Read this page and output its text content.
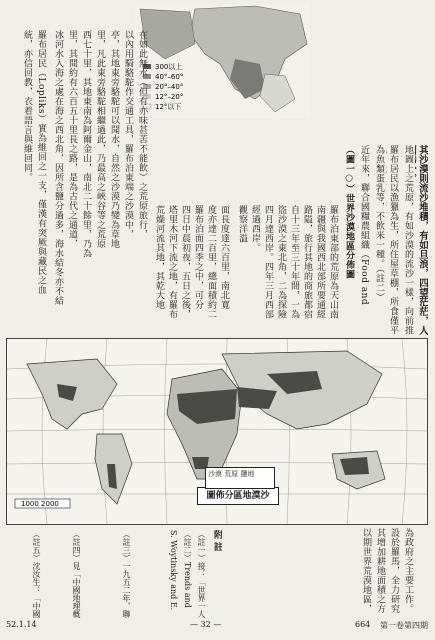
300以上
40°–60°
20°–40°
12°–20°
12°以下
其沙漠則流沙堆積，有如旦浪，四望茫茫，人
地圖上之荒原，有如沙漠的流沙一樣，向前推
羅布居民以漁獵為生，所住屋草棚，所食僅平
為魚類蛋乳等，不飲米一種。（註二）
近年來，聯合國糧農組織（Food and
（圖一○）世界沙漠地區分佈圖
羅布泊東部的荒原為天山南
南疆與我國西北部所要通經
路隘，旅行其地的商旅都宿
自十三年至三十年間，一為
盜沙漠之東北角，二為探險
四月達西岸。四年三月西部
經過西岸。
觀察洋溢
面長度達六百里，南北寬
度亦達二百里，總面積約二
羅布泊面四季之中，可分
四日中晨初夜，五日之後，
塔里木河下流之地，有羅布
荒燥河流其地，其乾大地
在如此無水（但有亦味甚苦不能飲）之荒原旅行，
以內用騎駱駝作交通工具，羅布泊東端之沙漠中，
亭，其地東旁駱駝可以聞水，自然之沙漠乃變為草地
里，凡此東旁駱駝相繼過此，乃最高之峽谷等之荒原
西七十里，其地東南為阿爾金山，南北二十餘里，乃為
里，其間約有六百五十里長之路，是為古代之通道，
冰河水入海之處在海之西北角，因所含鹽分過多，海水結冬亦不結
羅布居民（Lopliks）實為維回之一支，僅漢有突厥與藏民之血
統，亦信回教，衣着語言與維回同。
1000 2000
圖佈分區地漠沙
沙漠 荒原 鹽地
為政府之主要工作。
設於羅馬，全力研究
其增加耕地面積之方
以期世界荒漠地區，
附 註
（註一）接：「世界一人
（註二）Trends and
S. Woytinsky and E.
（註三）一九五二年，聯
（註四）見「中國地理概
（註五）沈汝生：「中國
52.1.14	— 32 —	664 第一卷第四期
